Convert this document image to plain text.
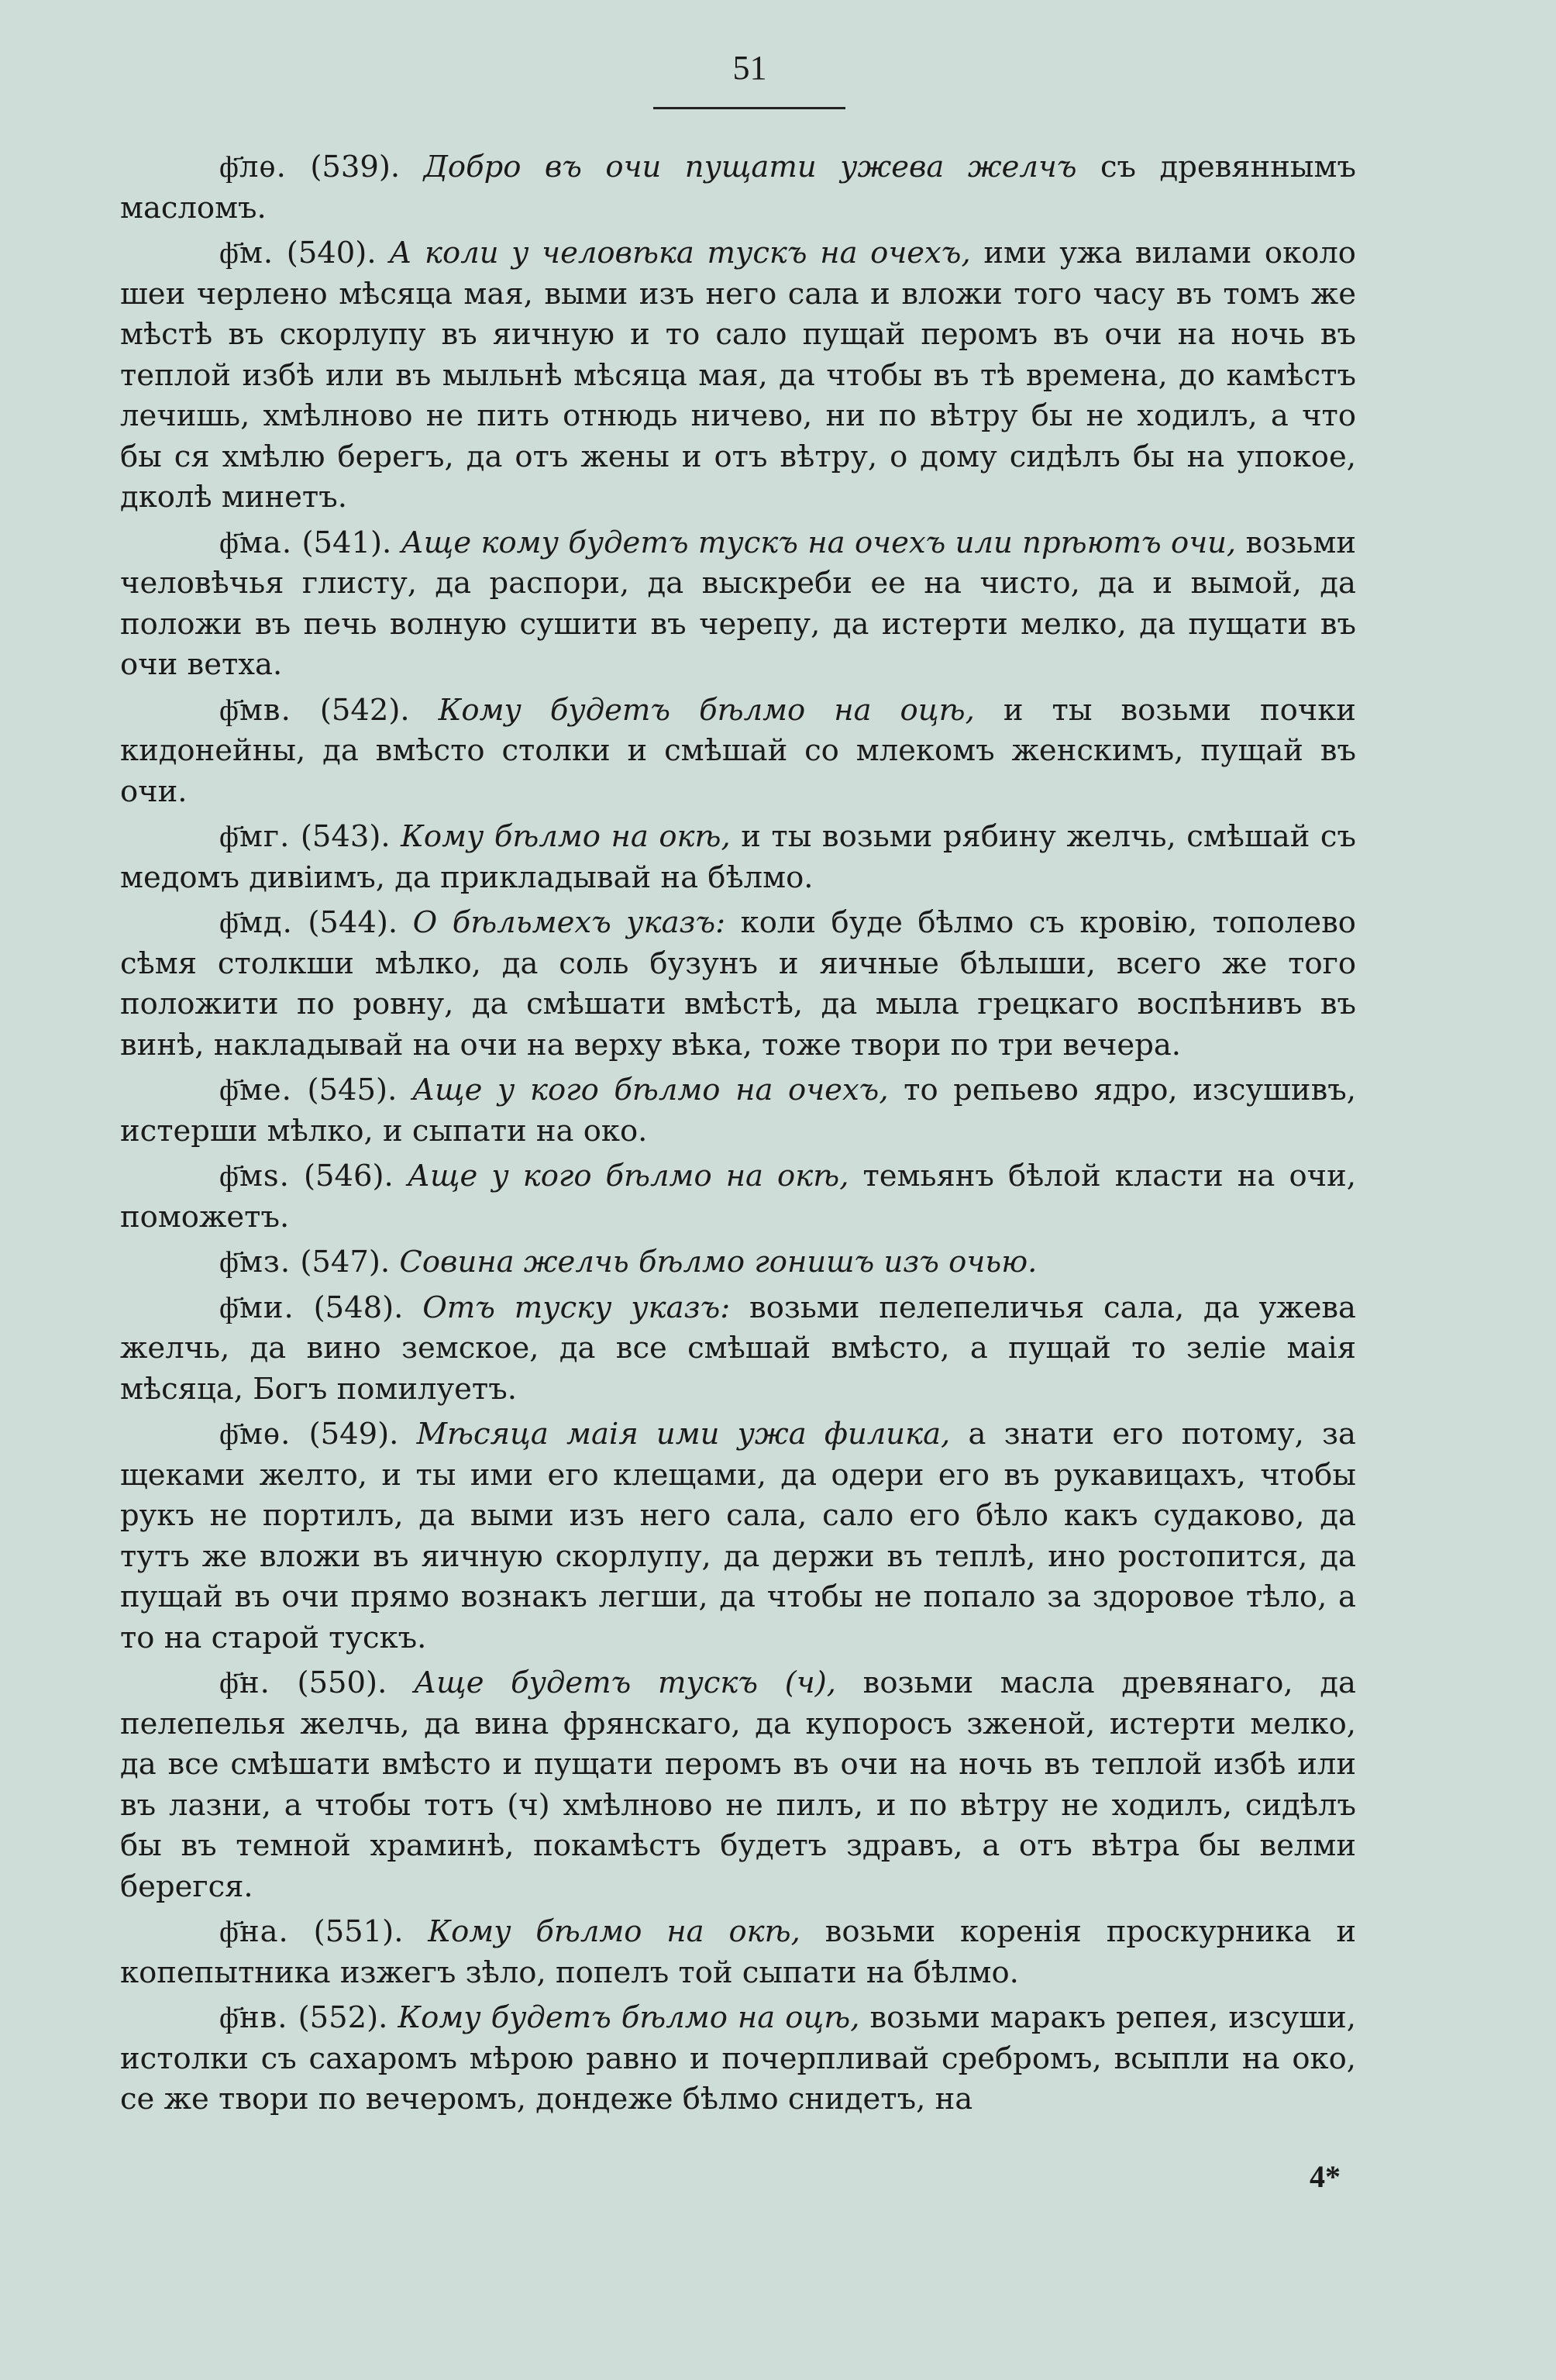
51

ф҃лѳ. (539). Добро въ очи пущати ужева желчъ съ древяннымъ масломъ.

ф҃м. (540). А коли у человѣка тускъ на очехъ, ими ужа вилами около шеи черлено мѣсяца мая, выми изъ него сала и вложи того часу въ томъ же мѣстѣ въ скорлупу въ яичную и то сало пущай перомъ въ очи на ночь въ теплой избѣ или въ мыльнѣ мѣсяца мая, да чтобы въ тѣ времена, до камѣстъ лечишь, хмѣлново не пить отнюдь ничево, ни по вѣтру бы не ходилъ, а что бы ся хмѣлю берегъ, да отъ жены и отъ вѣтру, о дому сидѣлъ бы на упокое, дколѣ минетъ.

ф҃ма. (541). Аще кому будетъ тускъ на очехъ или прѣютъ очи, возьми человѣчья глисту, да распори, да выскреби ее на чисто, да и вымой, да положи въ печь волную сушити въ черепу, да истерти мелко, да пущати въ очи ветха.

ф҃мв. (542). Кому будетъ бѣлмо на оцѣ, и ты возьми почки кидонейны, да вмѣсто столки и смѣшай со млекомъ женскимъ, пущай въ очи.

ф҃мг. (543). Кому бѣлмо на окѣ, и ты возьми рябину желчь, смѣшай съ медомъ дивіимъ, да прикладывай на бѣлмо.

ф҃мд. (544). О бѣльмехъ указъ: коли буде бѣлмо съ кровію, тополево сѣмя столкши мѣлко, да соль бузунъ и яичные бѣлыши, всего же того положити по ровну, да смѣшати вмѣстѣ, да мыла грецкаго воспѣнивъ въ винѣ, накладывай на очи на верху вѣка, тоже твори по три вечера.

ф҃ме. (545). Аще у кого бѣлмо на очехъ, то репьево ядро, изсушивъ, истерши мѣлко, и сыпати на око.

ф҃мѕ. (546). Аще у кого бѣлмо на окѣ, темьянъ бѣлой класти на очи, поможетъ.

ф҃мз. (547). Совина желчь бѣлмо гонишъ изъ очью.

ф҃ми. (548). Отъ туску указъ: возьми пелепеличья сала, да ужева желчь, да вино земское, да все смѣшай вмѣсто, а пущай то зеліе маія мѣсяца, Богъ помилуетъ.

ф҃мѳ. (549). Мѣсяца маія ими ужа филика, а знати его потому, за щеками желто, и ты ими его клещами, да одери его въ рукавицахъ, чтобы рукъ не портилъ, да выми изъ него сала, сало его бѣло какъ судаково, да тутъ же вложи въ яичную скорлупу, да держи въ теплѣ, ино ростопится, да пущай въ очи прямо вознакъ легши, да чтобы не попало за здоровое тѣло, а то на старой тускъ.

ф҃н. (550). Аще будетъ тускъ (ч), возьми масла древянаго, да пелепелья желчь, да вина фрянскаго, да купоросъ зженой, истерти мелко, да все смѣшати вмѣсто и пущати перомъ въ очи на ночь въ теплой избѣ или въ лазни, а чтобы тотъ (ч) хмѣлново не пилъ, и по вѣтру не ходилъ, сидѣлъ бы въ темной храминѣ, покамѣстъ будетъ здравъ, а отъ вѣтра бы велми берегся.

ф҃на. (551). Кому бѣлмо на окѣ, возьми коренія проскурника и копепытника изжегъ зѣло, попелъ той сыпати на бѣлмо.

ф҃нв. (552). Кому будетъ бѣлмо на оцѣ, возьми маракъ репея, изсуши, истолки съ сахаромъ мѣрою равно и почерпливай сребромъ, всыпли на око, се же твори по вечеромъ, дондеже бѣлмо снидетъ, на

4*
